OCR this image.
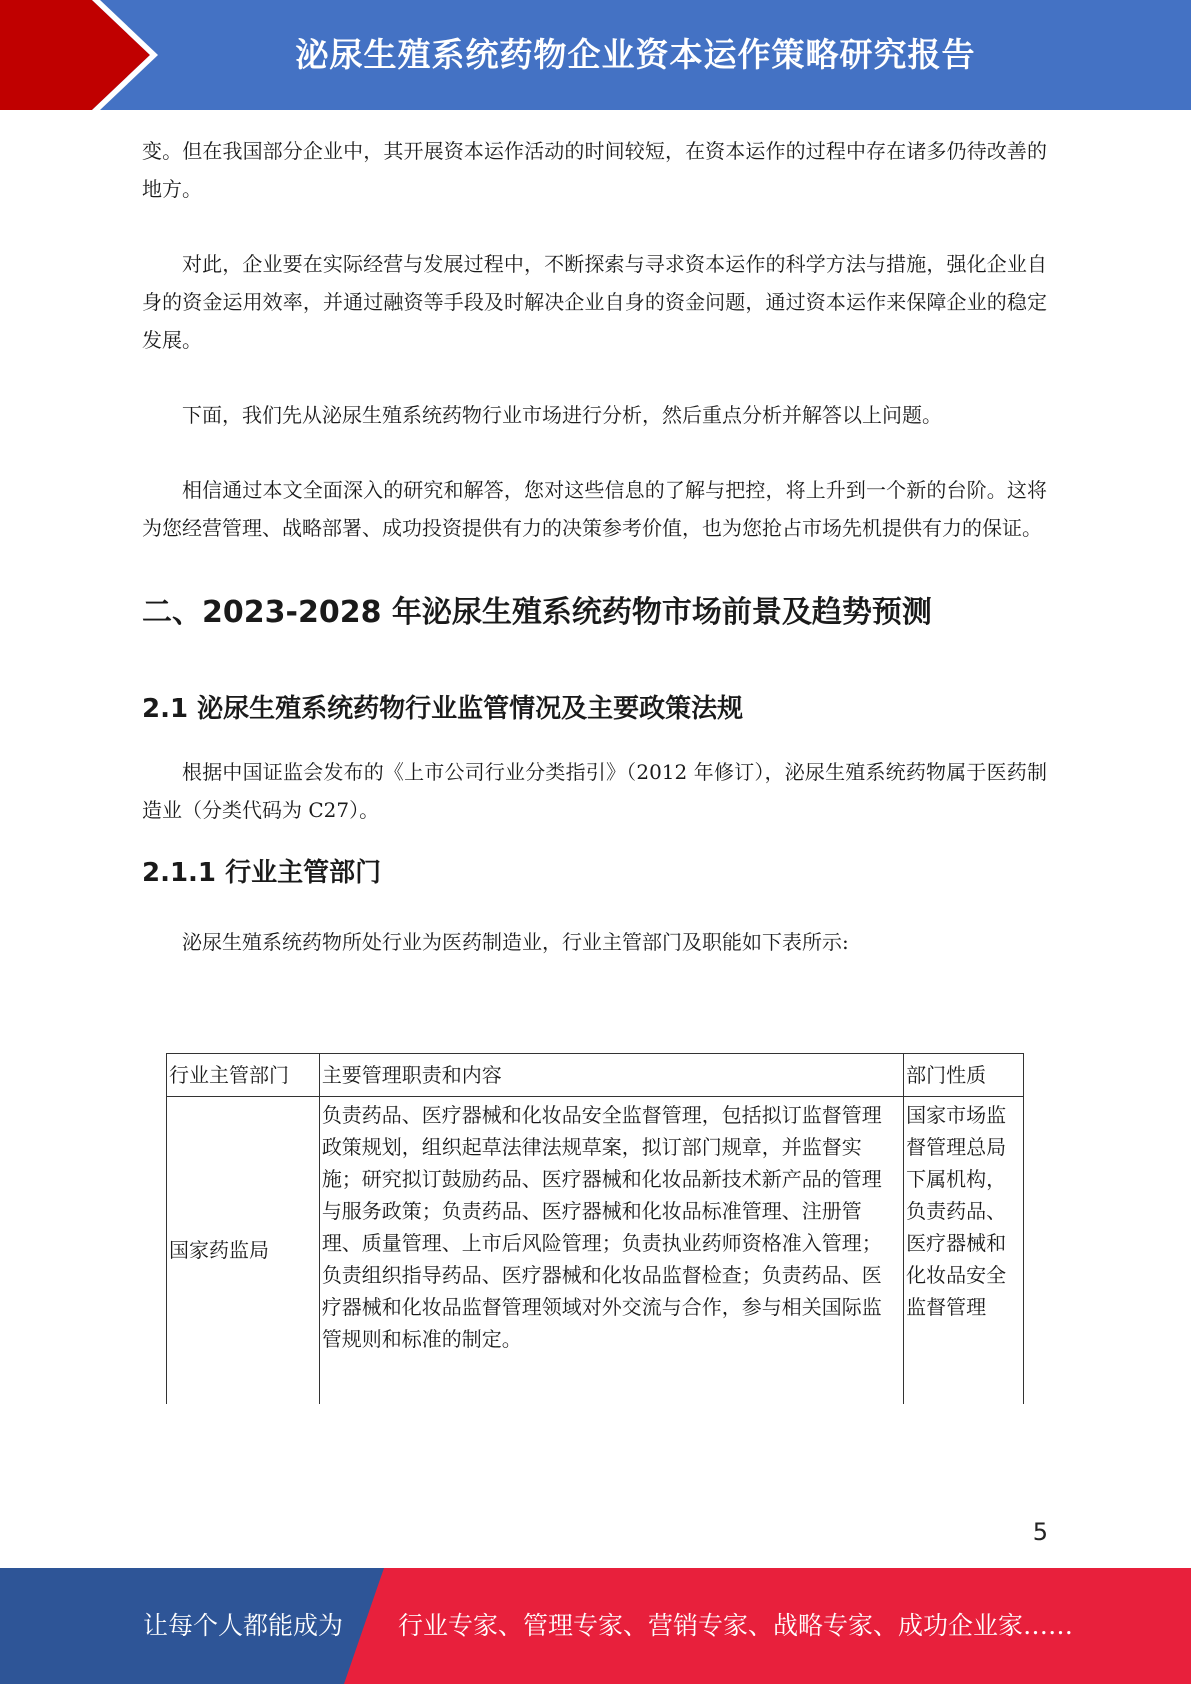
泌尿生殖系统药物企业资本运作策略研究报告

变。但在我国部分企业中，其开展资本运作活动的时间较短，在资本运作的过程中存在诸多仍待改善的地方。

对此，企业要在实际经营与发展过程中，不断探索与寻求资本运作的科学方法与措施，强化企业自身的资金运用效率，并通过融资等手段及时解决企业自身的资金问题，通过资本运作来保障企业的稳定发展。

下面，我们先从泌尿生殖系统药物行业市场进行分析，然后重点分析并解答以上问题。

相信通过本文全面深入的研究和解答，您对这些信息的了解与把控，将上升到一个新的台阶。这将为您经营管理、战略部署、成功投资提供有力的决策参考价值，也为您抢占市场先机提供有力的保证。

二、2023-2028 年泌尿生殖系统药物市场前景及趋势预测
2.1 泌尿生殖系统药物行业监管情况及主要政策法规

根据中国证监会发布的《上市公司行业分类指引》（2012 年修订），泌尿生殖系统药物属于医药制造业（分类代码为 C27）。

2.1.1 行业主管部门

泌尿生殖系统药物所处行业为医药制造业，行业主管部门及职能如下表所示:

行业主管部门	主要管理职责和内容	部门性质
国家药监局	负责药品、医疗器械和化妆品安全监督管理，包括拟订监督管理政策规划，组织起草法律法规草案，拟订部门规章，并监督实施；研究拟订鼓励药品、医疗器械和化妆品新技术新产品的管理与服务政策；负责药品、医疗器械和化妆品标准管理、注册管理、质量管理、上市后风险管理；负责执业药师资格准入管理；负责组织指导药品、医疗器械和化妆品监督检查；负责药品、医疗器械和化妆品监督管理领域对外交流与合作，参与相关国际监管规则和标准的制定。	国家市场监督管理总局下属机构，负责药品、医疗器械和化妆品安全监督管理
5
让每个人都能成为 行业专家、管理专家、营销专家、战略专家、成功企业家……
